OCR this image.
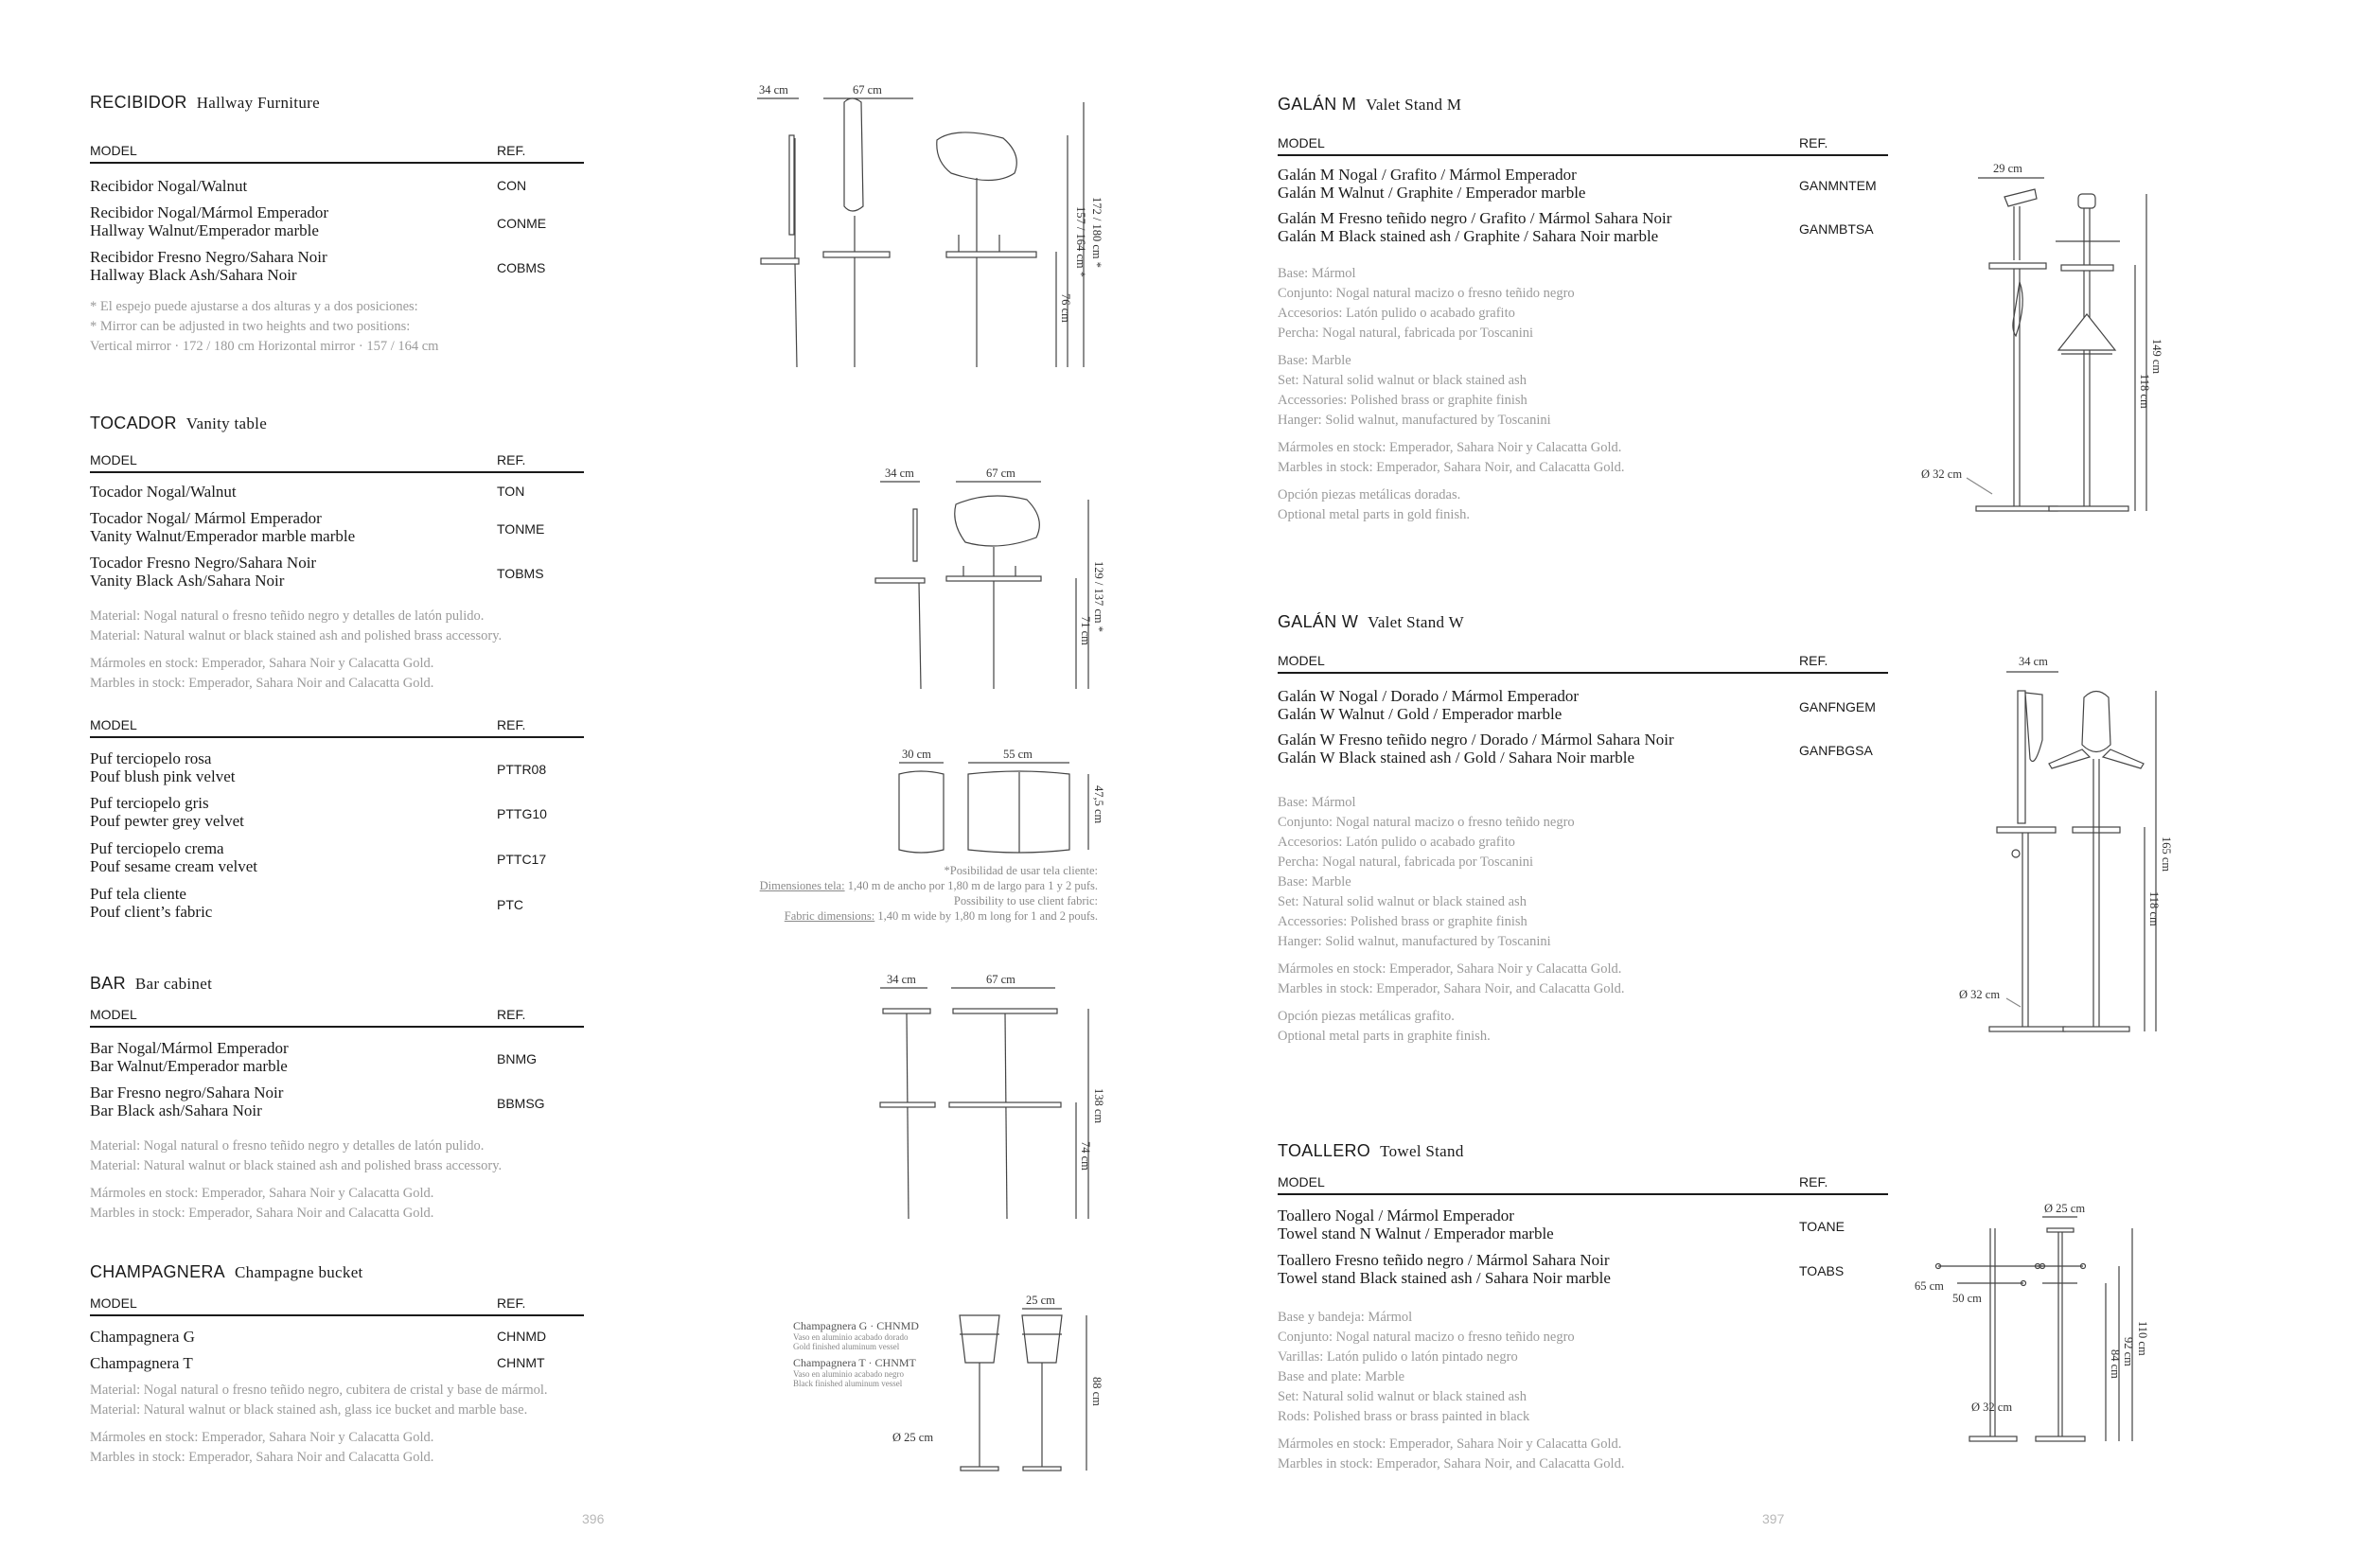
RECIBIDOR Hallway Furniture
MODEL	REF.
Recibidor Nogal/Walnut	CON
Recibidor Nogal/Mármol Emperador
Hallway Walnut/Emperador marble	CONME
Recibidor Fresno Negro/Sahara Noir
Hallway Black Ash/Sahara Noir	COBMS
* El espejo puede ajustarse a dos alturas y a dos posiciones:
* Mirror can be adjusted in two heights and two positions:
Vertical mirror · 172 / 180 cm Horizontal mirror · 157 / 164 cm
TOCADOR Vanity table
MODEL	REF.
Tocador Nogal/Walnut	TON
Tocador Nogal/ Mármol Emperador
Vanity Walnut/Emperador marble marble	TONME
Tocador Fresno Negro/Sahara Noir
Vanity Black Ash/Sahara Noir	TOBMS
Material: Nogal natural o fresno teñido negro y detalles de latón pulido.
Material: Natural walnut or black stained ash and polished brass accessory.
Mármoles en stock: Emperador, Sahara Noir y Calacatta Gold.
Marbles in stock: Emperador, Sahara Noir and Calacatta Gold.
MODEL	REF.
Puf terciopelo rosa
Pouf blush pink velvet	PTTR08
Puf terciopelo gris
Pouf pewter grey velvet	PTTG10
Puf terciopelo crema
Pouf sesame cream velvet	PTTC17
Puf tela cliente
Pouf client’s fabric	PTC
BAR Bar cabinet
MODEL	REF.
Bar Nogal/Mármol Emperador
Bar Walnut/Emperador marble	BNMG
Bar Fresno negro/Sahara Noir
Bar Black ash/Sahara Noir	BBMSG
Material: Nogal natural o fresno teñido negro y detalles de latón pulido.
Material: Natural walnut or black stained ash and polished brass accessory.
Mármoles en stock: Emperador, Sahara Noir y Calacatta Gold.
Marbles in stock: Emperador, Sahara Noir and Calacatta Gold.
CHAMPAGNERA Champagne bucket
MODEL	REF.
Champagnera G	CHNMD
Champagnera T	CHNMT
Material: Nogal natural o fresno teñido negro, cubitera de cristal y base de mármol.
Material: Natural walnut or black stained ash, glass ice bucket and marble base.
Mármoles en stock: Emperador, Sahara Noir y Calacatta Gold.
Marbles in stock: Emperador, Sahara Noir and Calacatta Gold.
34 cm	67 cm
172 / 180 cm *
157 / 164 cm *
76 cm
34 cm	67 cm
129 / 137 cm *
71 cm
30 cm	55 cm
47,5 cm
*Posibilidad de usar tela cliente:
Dimensiones tela: 1,40 m de ancho por 1,80 m de largo para 1 y 2 pufs.
Possibility to use client fabric:
Fabric dimensions: 1,40 m wide by 1,80 m long for 1 and 2 poufs.
34 cm	67 cm
138 cm
74 cm
Champagnera G · CHNMD
Vaso en aluminio acabado dorado
Gold finished aluminum vessel
Champagnera T · CHNMT
Vaso en aluminio acabado negro
Black finished aluminum vessel
25 cm
88 cm
Ø 25 cm
396
GALÁN M Valet Stand M
MODEL	REF.
Galán M Nogal / Grafito / Mármol Emperador
Galán M Walnut / Graphite / Emperador marble	GANMNTEM
Galán M Fresno teñido negro / Grafito / Mármol Sahara Noir
Galán M Black stained ash / Graphite / Sahara Noir marble	GANMBTSA
Base: Mármol
Conjunto: Nogal natural macizo o fresno teñido negro
Accesorios: Latón pulido o acabado grafito
Percha: Nogal natural, fabricada por Toscanini
Base: Marble
Set: Natural solid walnut or black stained ash
Accessories: Polished brass or graphite finish
Hanger: Solid walnut, manufactured by Toscanini
Mármoles en stock: Emperador, Sahara Noir y Calacatta Gold.
Marbles in stock: Emperador, Sahara Noir, and Calacatta Gold.
Opción piezas metálicas doradas.
Optional metal parts in gold finish.
GALÁN W Valet Stand W
MODEL	REF.
Galán W Nogal / Dorado / Mármol Emperador
Galán W Walnut / Gold / Emperador marble	GANFNGEM
Galán W Fresno teñido negro / Dorado / Mármol Sahara Noir
Galán W Black stained ash / Gold / Sahara Noir marble	GANFBGSA
Base: Mármol
Conjunto: Nogal natural macizo o fresno teñido negro
Accesorios: Latón pulido o acabado grafito
Percha: Nogal natural, fabricada por Toscanini
Base: Marble
Set: Natural solid walnut or black stained ash
Accessories: Polished brass or graphite finish
Hanger: Solid walnut, manufactured by Toscanini
Mármoles en stock: Emperador, Sahara Noir y Calacatta Gold.
Marbles in stock: Emperador, Sahara Noir, and Calacatta Gold.
Opción piezas metálicas grafito.
Optional metal parts in graphite finish.
TOALLERO Towel Stand
MODEL	REF.
Toallero Nogal / Mármol Emperador
Towel stand N Walnut / Emperador marble	TOANE
Toallero Fresno teñido negro / Mármol Sahara Noir
Towel stand Black stained ash / Sahara Noir marble	TOABS
Base y bandeja: Mármol
Conjunto: Nogal natural macizo o fresno teñido negro
Varillas: Latón pulido o latón pintado negro
Base and plate: Marble
Set: Natural solid walnut or black stained ash
Rods: Polished brass or brass painted in black
Mármoles en stock: Emperador, Sahara Noir y Calacatta Gold.
Marbles in stock: Emperador, Sahara Noir, and Calacatta Gold.
29 cm
Ø 32 cm
149 cm
118 cm
34 cm
Ø 32 cm
165 cm
118 cm
Ø 25 cm
65 cm
50 cm
Ø 32 cm
110 cm
92 cm
84 cm
397
